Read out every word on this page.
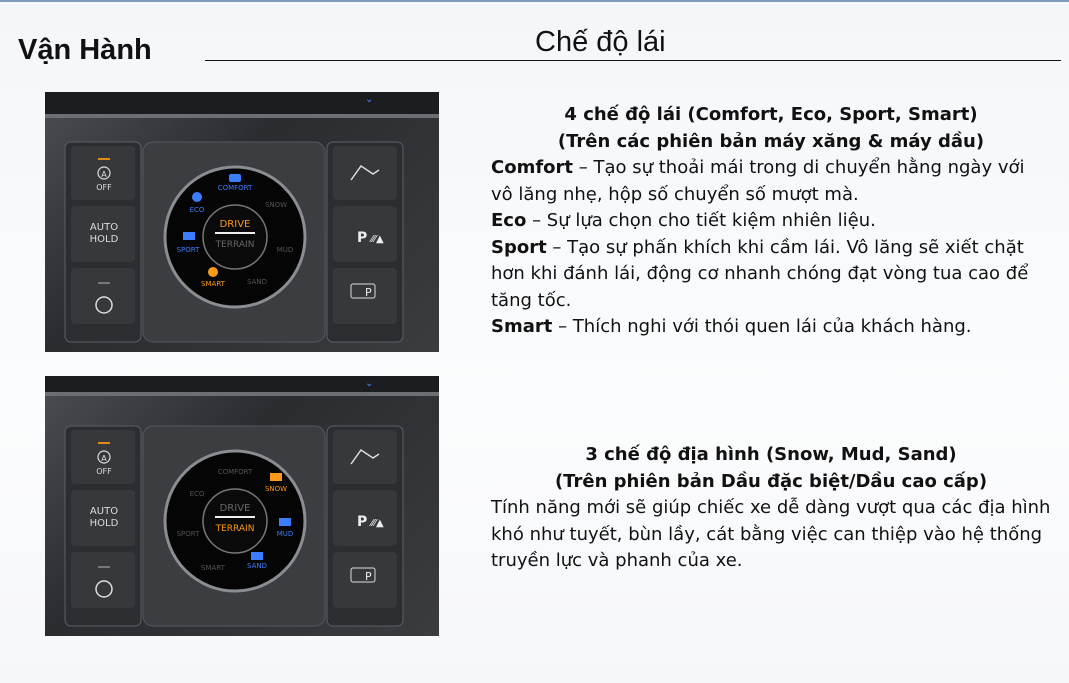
Vận Hành	Chế độ lái
⌄
A
OFF
AUTO
HOLD	P ⁄⁄⁄▲
P
DRIVE
TERRAIN
COMFORT
ECO
SPORT
SMART
SNOW
MUD
SAND
⌄
A
OFF
AUTO
HOLD	P ⁄⁄⁄▲
P
DRIVE
TERRAIN
COMFORT
ECO
SPORT
SMART
SNOW
MUD
SAND
4 chế độ lái (Comfort, Eco, Sport, Smart)
(Trên các phiên bản máy xăng & máy dầu)

Comfort – Tạo sự thoải mái trong di chuyển hằng ngày với vô lăng nhẹ, hộp số chuyển số mượt mà.

Eco – Sự lựa chọn cho tiết kiệm nhiên liệu.

Sport – Tạo sự phấn khích khi cầm lái. Vô lăng sẽ xiết chặt hơn khi đánh lái, động cơ nhanh chóng đạt vòng tua cao để tăng tốc.

Smart – Thích nghi với thói quen lái của khách hàng.

3 chế độ địa hình (Snow, Mud, Sand)
(Trên phiên bản Dầu đặc biệt/Dầu cao cấp)

Tính năng mới sẽ giúp chiếc xe dễ dàng vượt qua các địa hình khó như tuyết, bùn lầy, cát bằng việc can thiệp vào hệ thống truyền lực và phanh của xe.
